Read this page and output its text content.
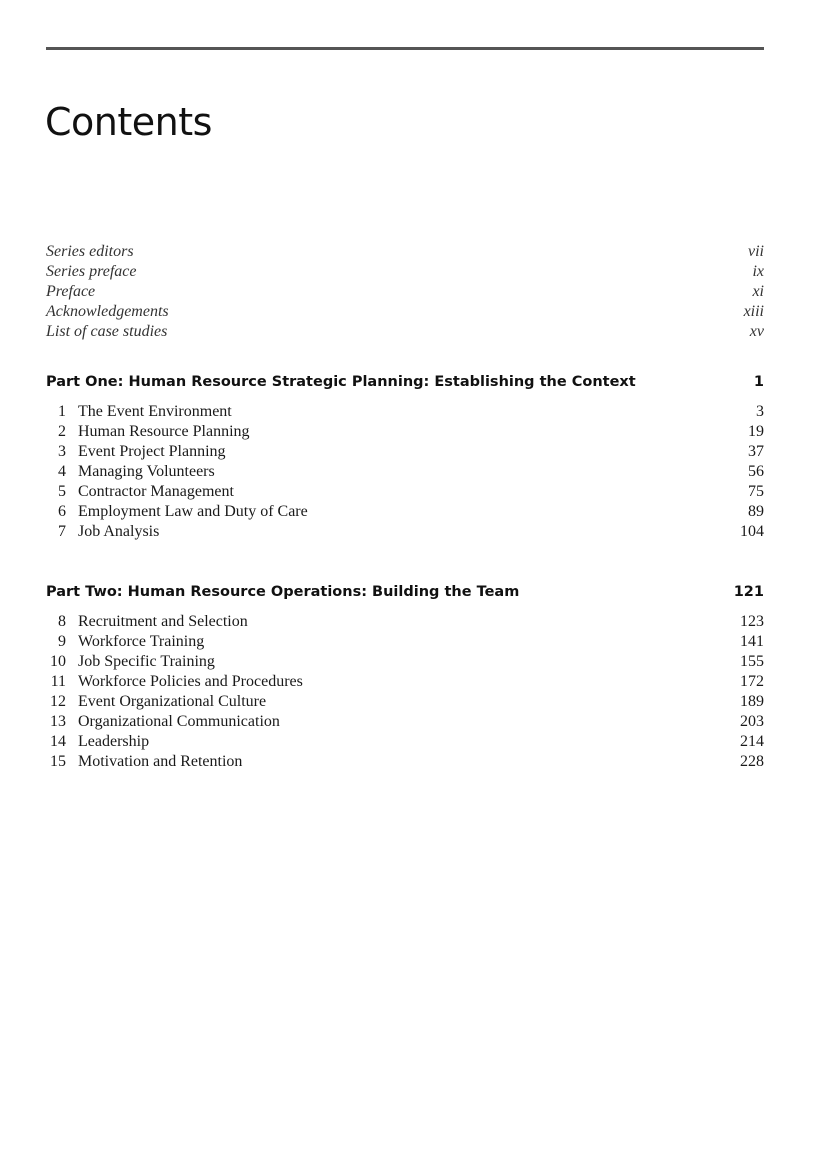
Contents
Series editors	vii
Series preface	ix
Preface	xi
Acknowledgements	xiii
List of case studies	xv
Part One: Human Resource Strategic Planning: Establishing the Context	1
1 The Event Environment	3
2 Human Resource Planning	19
3 Event Project Planning	37
4 Managing Volunteers	56
5 Contractor Management	75
6 Employment Law and Duty of Care	89
7 Job Analysis	104
Part Two: Human Resource Operations: Building the Team	121
8 Recruitment and Selection	123
9 Workforce Training	141
10 Job Specific Training	155
11 Workforce Policies and Procedures	172
12 Event Organizational Culture	189
13 Organizational Communication	203
14 Leadership	214
15 Motivation and Retention	228
